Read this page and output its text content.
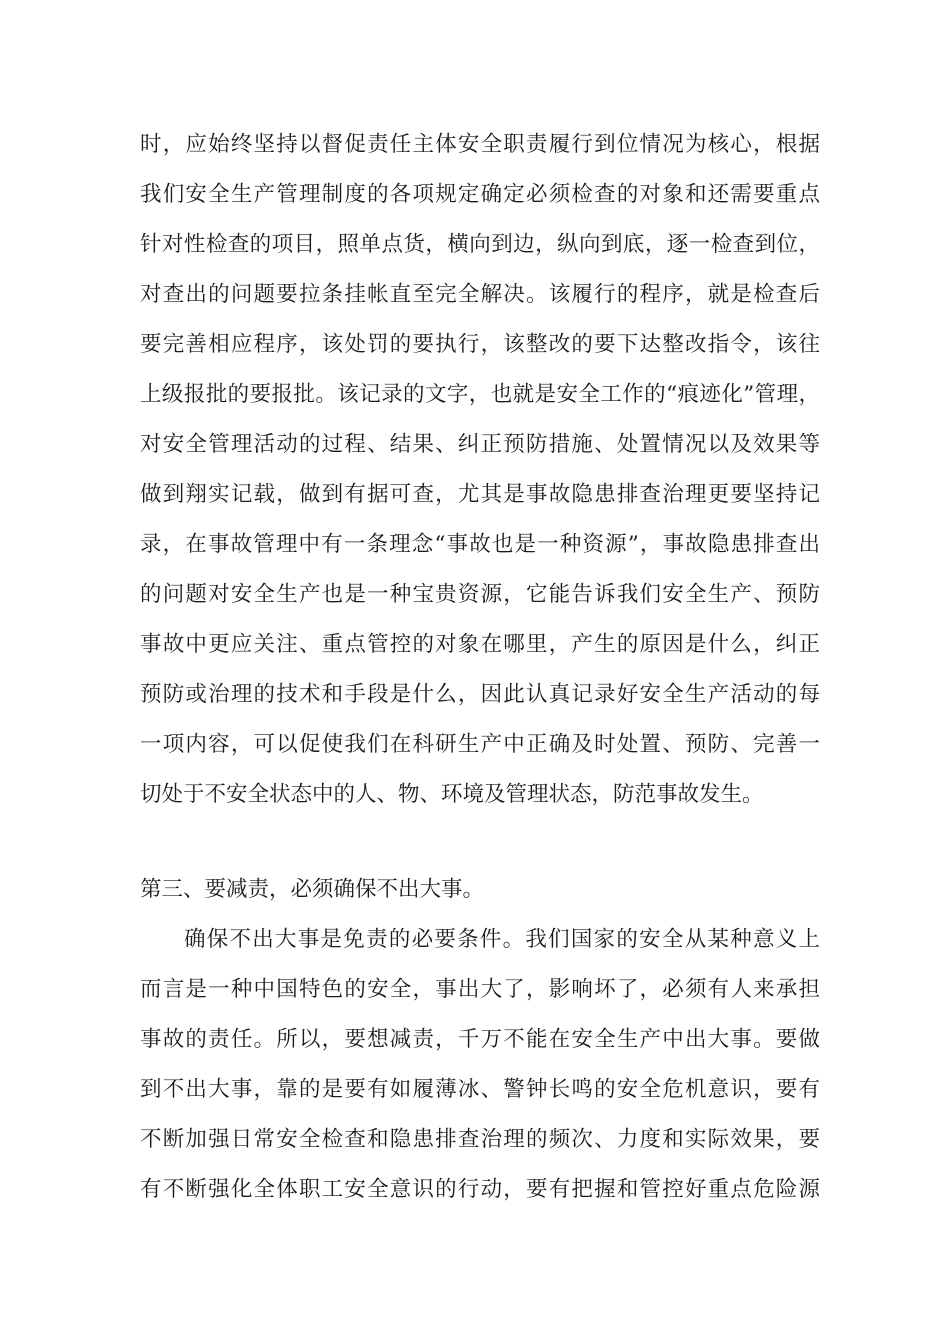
时，应始终坚持以督促责任主体安全职责履行到位情况为核心，根据
我们安全生产管理制度的各项规定确定必须检查的对象和还需要重点
针对性检查的项目，照单点货，横向到边，纵向到底，逐一检查到位，
对查出的问题要拉条挂帐直至完全解决。该履行的程序，就是检查后
要完善相应程序，该处罚的要执行，该整改的要下达整改指令，该往
上级报批的要报批。该记录的文字，也就是安全工作的“痕迹化”管理，
对安全管理活动的过程、结果、纠正预防措施、处置情况以及效果等
做到翔实记载，做到有据可查，尤其是事故隐患排查治理更要坚持记
录，在事故管理中有一条理念“事故也是一种资源”，事故隐患排查出
的问题对安全生产也是一种宝贵资源，它能告诉我们安全生产、预防
事故中更应关注、重点管控的对象在哪里，产生的原因是什么，纠正
预防或治理的技术和手段是什么，因此认真记录好安全生产活动的每
一项内容，可以促使我们在科研生产中正确及时处置、预防、完善一
切处于不安全状态中的人、物、环境及管理状态，防范事故发生。
第三、要减责，必须确保不出大事。
确保不出大事是免责的必要条件。我们国家的安全从某种意义上
而言是一种中国特色的安全，事出大了，影响坏了，必须有人来承担
事故的责任。所以，要想减责，千万不能在安全生产中出大事。要做
到不出大事，靠的是要有如履薄冰、警钟长鸣的安全危机意识，要有
不断加强日常安全检查和隐患排查治理的频次、力度和实际效果，要
有不断强化全体职工安全意识的行动，要有把握和管控好重点危险源
